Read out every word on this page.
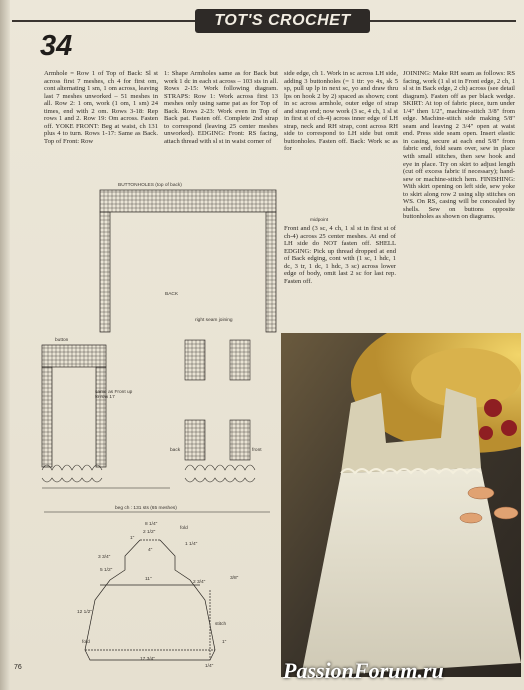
TOT'S CROCHET
34
Armhole = Row 1 of Top of Back: Sl st across first 7 meshes, ch 4 for first om, cont alternating 1 sm, 1 om across, leaving last 7 meshes unworked – 51 meshes in all. Row 2: 1 om, work (1 om, 1 sm) 24 times, end with 2 om. Rows 3-18: Rep rows 1 and 2. Row 19: Om across. Fasten off. YOKE FRONT: Beg at waist, ch 131 plus 4 to turn. Rows 1-17: Same as Back. Top of Front: Row
1: Shape Armholes same as for Back but work 1 dc in each st across – 103 sts in all. Rows 2-15: Work following diagram. STRAPS: Row 1: Work across first 13 meshes only using same pat as for Top of Back. Rows 2-23: Work even in Top of Back pat. Fasten off. Complete 2nd strap to correspond (leaving 25 center meshes unworked). EDGING: Front: RS facing, attach thread with sl st in waist corner of
side edge, ch 1. Work in sc across LH side, adding 3 buttonholes (= 1 ttr: yo 4x, sk 5 sp, pull up lp in next sc, yo and draw thru lps on hook 2 by 2) spaced as shown; cont in sc across armhole, outer edge of strap and strap end; now work (3 sc, 4 ch, 1 sl st in first st of ch-4) across inner edge of LH strap, neck and RH strap, cont across RH side to correspond to LH side but omit buttonholes. Fasten off. Back: Work sc as for
Front and (3 sc, 4 ch, 1 sl st in first st of ch-4) across 25 center meshes. At end of LH side do NOT fasten off. SHELL EDGING: Pick up thread dropped at end of Back edging, cont with (1 sc, 1 hdc, 1 dc, 3 tr, 1 dc, 1 hdc, 3 sc) across lower edge of body, omit last 2 sc for last rep. Fasten off.
JOINING: Make RH seam as follows: RS facing, work (1 sl st in Front edge, 2 ch, 1 sl st in Back edge, 2 ch) across (see detail diagram). Fasten off as per black wedge. SKIRT: At top of fabric piece, turn under 1/4" then 1/2", machine-stitch 3/8" from edge. Machine-stitch side making 5/8" seam and leaving 2 3/4" open at waist end. Press side seam open. Insert elastic in casing, secure at each end 5/8" from fabric end, fold seam over, sew in place with small stitches, then sew hook and eye in place. Try on skirt to adjust length (cut off excess fabric if necessary); hand-sew or machine-stitch hem. FINISHING: With skirt opening on left side, sew yoke to skirt along row 2 using slip stitches on WS. On RS, casing will be concealed by shells. Sew on buttons opposite buttonholes as shown on diagrams.
BUTTONHOLES (top of back)
BACK
midpoint
right seam joining
button
same as Front up to row 17
back	front
beg ch : 131 sts (65 meshes)
8 1/4"
fold
1"
2 1/2"
1 1/4"
4"
3 3/4"
5 1/2"
2 3/4"
3/8"
11"
12 1/2"
stitch
fold	1"
17 3/4"
1/4"	PassionForum.ru
76
